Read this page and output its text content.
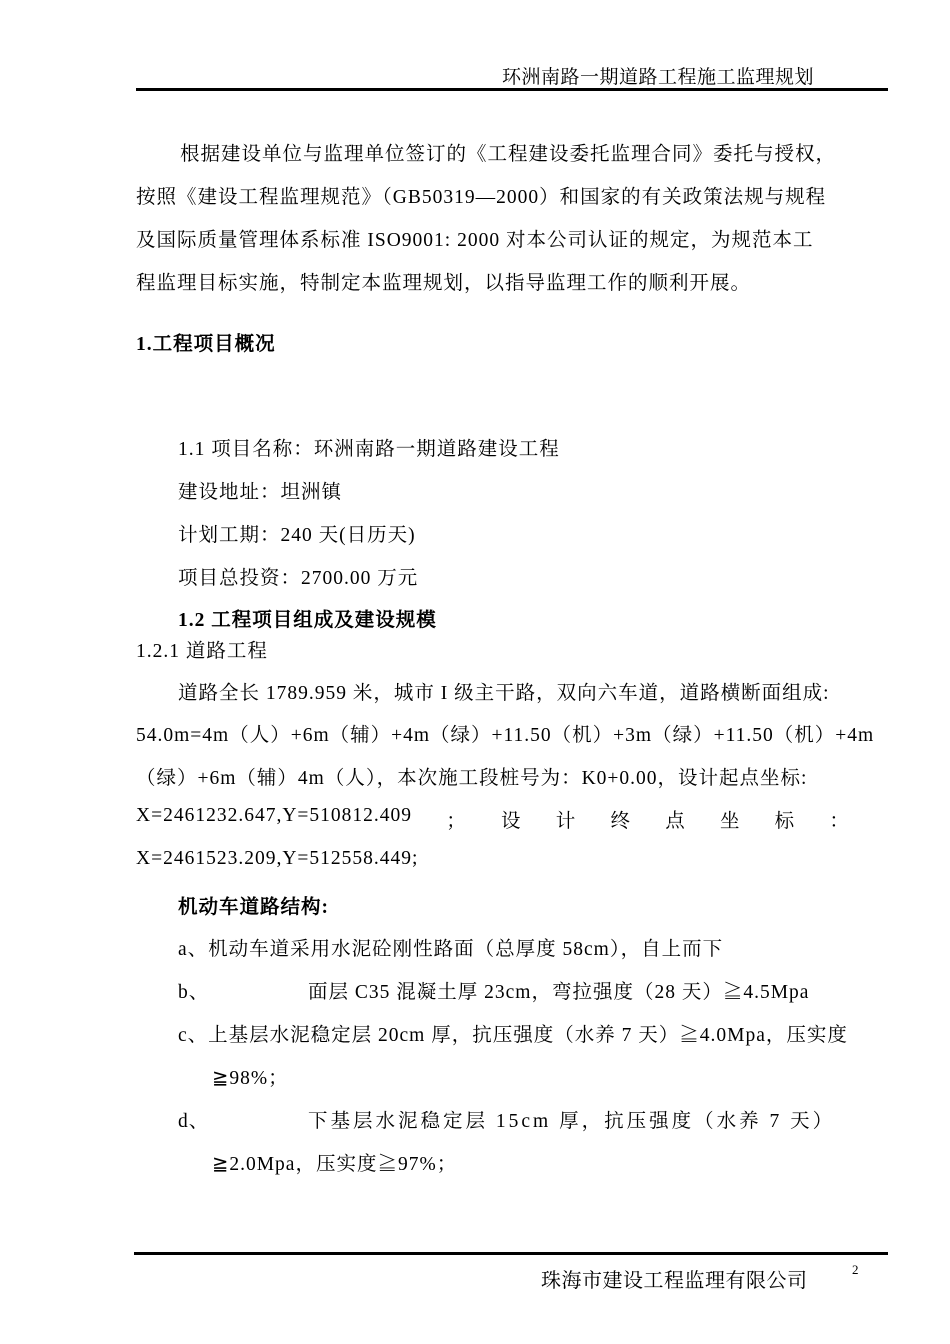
环洲南路一期道路工程施工监理规划
根据建设单位与监理单位签订的《工程建设委托监理合同》委托与授权，
按照《建设工程监理规范》（GB50319—2000）和国家的有关政策法规与规程
及国际质量管理体系标准 ISO9001: 2000 对本公司认证的规定，为规范本工
程监理目标实施，特制定本监理规划，以指导监理工作的顺利开展。
1.工程项目概况
1.1 项目名称：环洲南路一期道路建设工程
建设地址：坦洲镇
计划工期：240 天(日历天)
项目总投资：2700.00 万元
1.2 工程项目组成及建设规模
1.2.1 道路工程
道路全长 1789.959 米，城市 I 级主干路，双向六车道，道路横断面组成:
54.0m=4m（人）+6m（辅）+4m（绿）+11.50（机）+3m（绿）+11.50（机）+4m
（绿）+6m（辅）4m（人），本次施工段桩号为：K0+0.00，设计起点坐标:
X=2461232.647,Y=510812.409 ； 设 计 终 点 坐 标 ：
X=2461523.209,Y=512558.449;
机动车道路结构:
a、机动车道采用水泥砼刚性路面（总厚度 58cm），自上而下
b、	面层 C35 混凝土厚 23cm，弯拉强度（28 天）≧4.5Mpa
c、上基层水泥稳定层 20cm 厚，抗压强度（水养 7 天）≧4.0Mpa，压实度
≧98%；
d、	下基层水泥稳定层 15cm 厚，抗压强度（水养 7 天）
≧2.0Mpa，压实度≧97%；
珠海市建设工程监理有限公司
2
